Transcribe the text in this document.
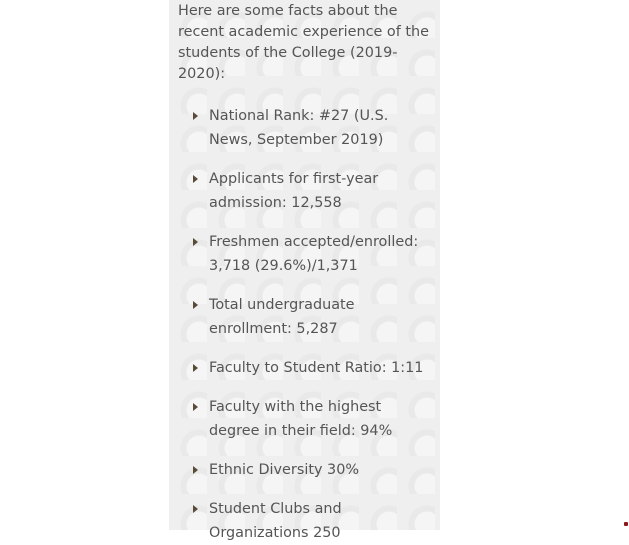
Here are some facts about the recent academic experience of the students of the College (2019-2020):

National Rank: #27 (U.S. News, September 2019)
Applicants for first-year admission: 12,558
Freshmen accepted/enrolled: 3,718 (29.6%)/1,371
Total undergraduate enrollment: 5,287
Faculty to Student Ratio: 1:11
Faculty with the highest degree in their field: 94%
Ethnic Diversity 30%
Student Clubs and Organizations 250
